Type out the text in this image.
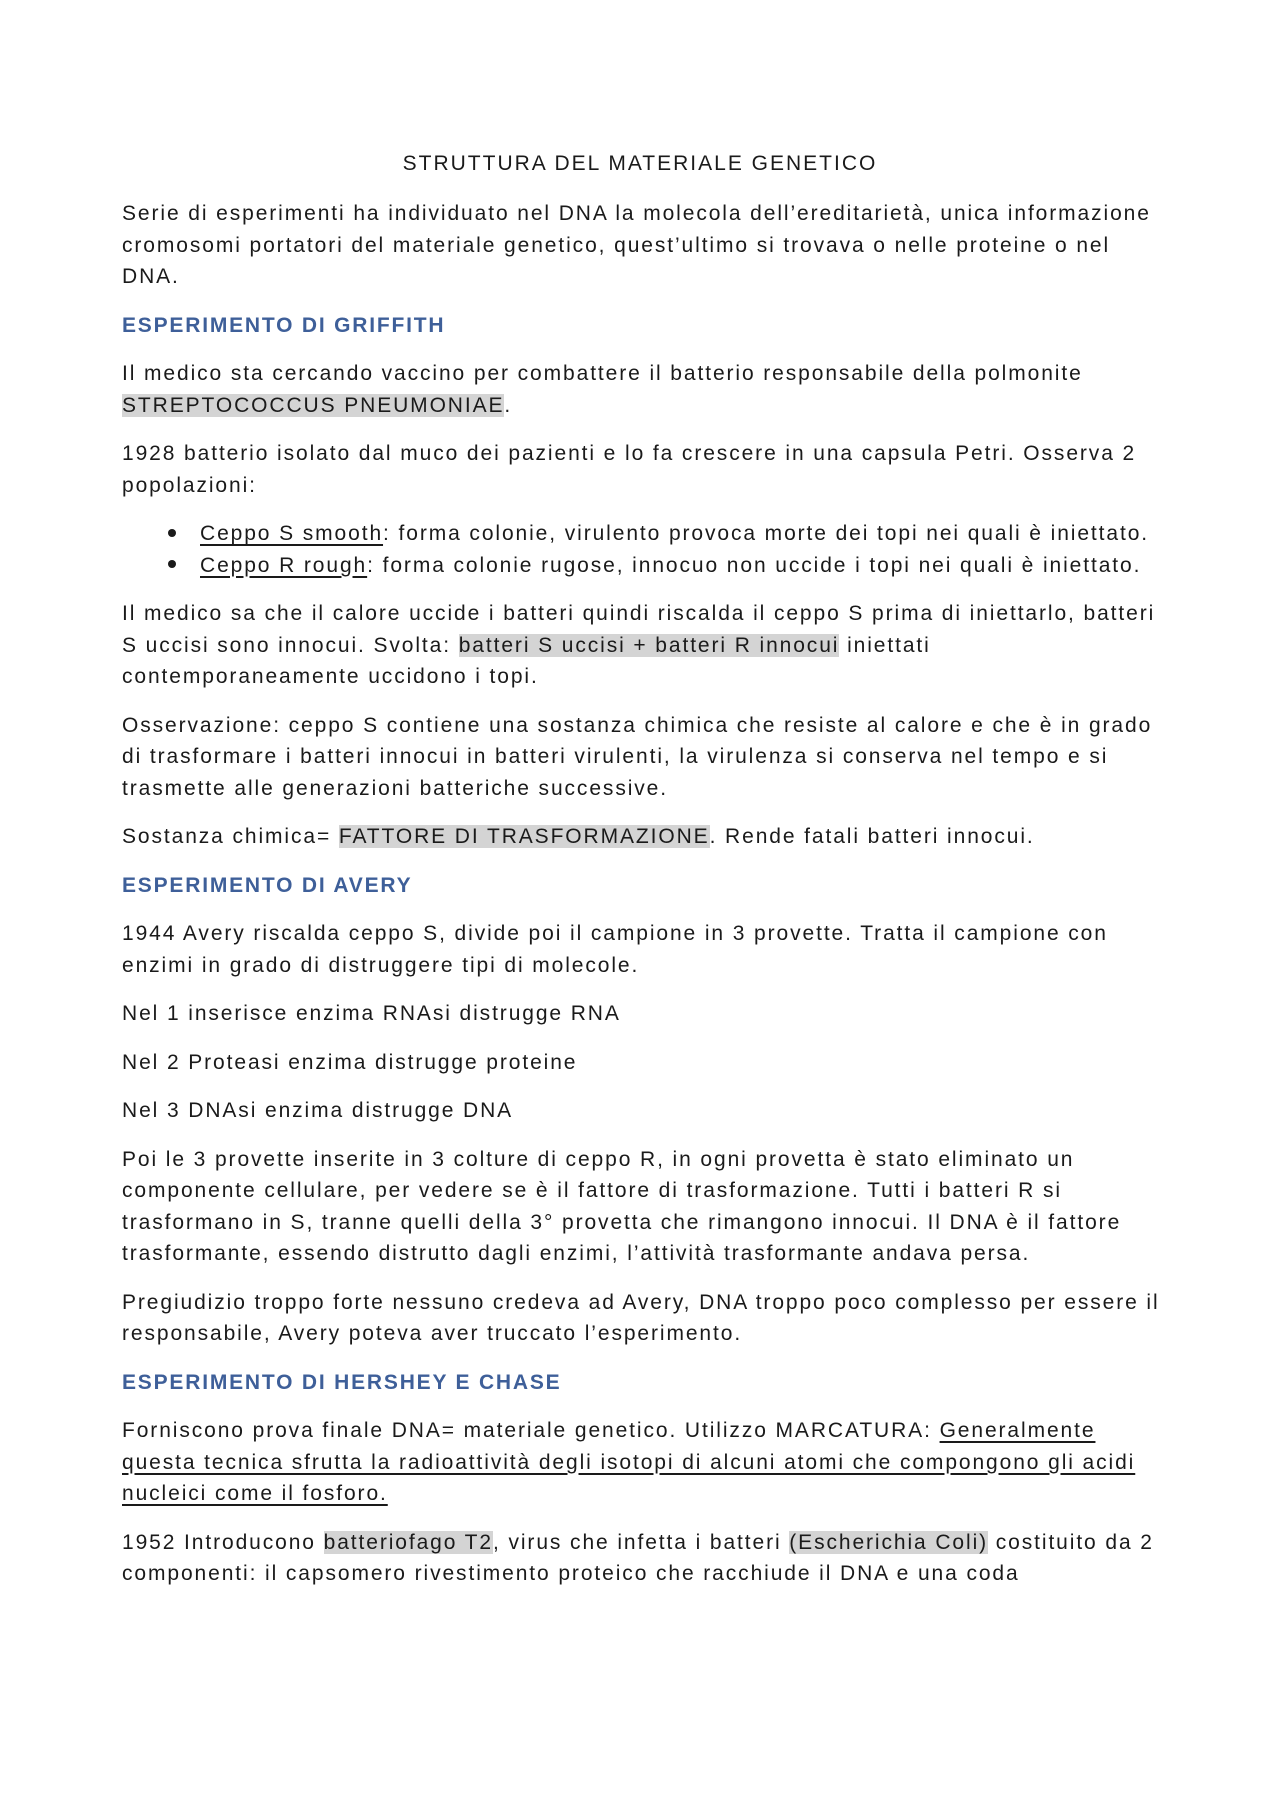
STRUTTURA DEL MATERIALE GENETICO

Serie di esperimenti ha individuato nel DNA la molecola dell’ereditarietà, unica informazione cromosomi portatori del materiale genetico, quest’ultimo si trovava o nelle proteine o nel DNA.

ESPERIMENTO DI GRIFFITH

Il medico sta cercando vaccino per combattere il batterio responsabile della polmonite STREPTOCOCCUS PNEUMONIAE.

1928 batterio isolato dal muco dei pazienti e lo fa crescere in una capsula Petri. Osserva 2 popolazioni:

Ceppo S smooth: forma colonie, virulento provoca morte dei topi nei quali è iniettato.
Ceppo R rough: forma colonie rugose, innocuo non uccide i topi nei quali è iniettato.

Il medico sa che il calore uccide i batteri quindi riscalda il ceppo S prima di iniettarlo, batteri S uccisi sono innocui. Svolta: batteri S uccisi + batteri R innocui iniettati contemporaneamente uccidono i topi.

Osservazione: ceppo S contiene una sostanza chimica che resiste al calore e che è in grado di trasformare i batteri innocui in batteri virulenti, la virulenza si conserva nel tempo e si trasmette alle generazioni batteriche successive.

Sostanza chimica= FATTORE DI TRASFORMAZIONE. Rende fatali batteri innocui.

ESPERIMENTO DI AVERY

1944 Avery riscalda ceppo S, divide poi il campione in 3 provette. Tratta il campione con enzimi in grado di distruggere tipi di molecole.

Nel 1 inserisce enzima RNAsi distrugge RNA

Nel 2 Proteasi enzima distrugge proteine

Nel 3 DNAsi enzima distrugge DNA

Poi le 3 provette inserite in 3 colture di ceppo R, in ogni provetta è stato eliminato un componente cellulare, per vedere se è il fattore di trasformazione. Tutti i batteri R si trasformano in S, tranne quelli della 3° provetta che rimangono innocui. Il DNA è il fattore trasformante, essendo distrutto dagli enzimi, l’attività trasformante andava persa.

Pregiudizio troppo forte nessuno credeva ad Avery, DNA troppo poco complesso per essere il responsabile, Avery poteva aver truccato l’esperimento.

ESPERIMENTO DI HERSHEY E CHASE

Forniscono prova finale DNA= materiale genetico. Utilizzo MARCATURA: Generalmente questa tecnica sfrutta la radioattività degli isotopi di alcuni atomi che compongono gli acidi nucleici come il fosforo.

1952 Introducono batteriofago T2, virus che infetta i batteri (Escherichia Coli) costituito da 2 componenti: il capsomero rivestimento proteico che racchiude il DNA e una coda
